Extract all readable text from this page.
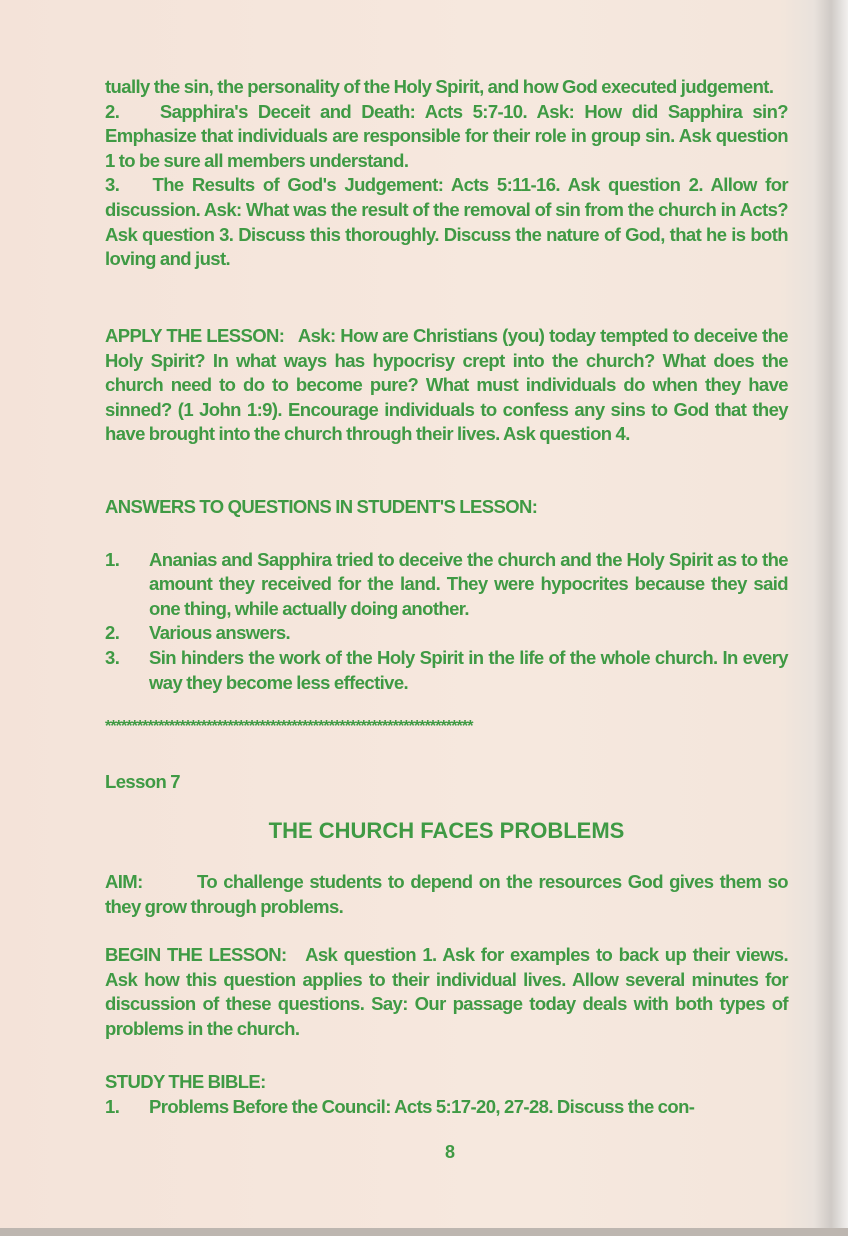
tually the sin, the personality of the Holy Spirit, and how God executed judgement.

2. Sapphira's Deceit and Death: Acts 5:7-10. Ask: How did Sapphira sin? Emphasize that individuals are responsible for their role in group sin. Ask question 1 to be sure all members understand.

3. The Results of God's Judgement: Acts 5:11-16. Ask question 2. Allow for discussion. Ask: What was the result of the removal of sin from the church in Acts? Ask question 3. Discuss this thoroughly. Discuss the nature of God, that he is both loving and just.

APPLY THE LESSON: Ask: How are Christians (you) today tempted to deceive the Holy Spirit? In what ways has hypocrisy crept into the church? What does the church need to do to become pure? What must individuals do when they have sinned? (1 John 1:9). Encourage individuals to confess any sins to God that they have brought into the church through their lives. Ask question 4.

ANSWERS TO QUESTIONS IN STUDENT'S LESSON:

1.	Ananias and Sapphira tried to deceive the church and the Holy Spirit as to the amount they received for the land. They were hypocrites because they said one thing, while actually doing another.
2.	Various answers.
3.	Sin hinders the work of the Holy Spirit in the life of the whole church. In every way they become less effective.
*********************************************************************
Lesson 7
THE CHURCH FACES PROBLEMS

AIM:	To challenge students to depend on the resources God gives them so they grow through problems.

BEGIN THE LESSON: Ask question 1. Ask for examples to back up their views. Ask how this question applies to their individual lives. Allow several minutes for discussion of these questions. Say: Our passage today deals with both types of problems in the church.

STUDY THE BIBLE:

1.	Problems Before the Council: Acts 5:17-20, 27-28. Discuss the con-
8
